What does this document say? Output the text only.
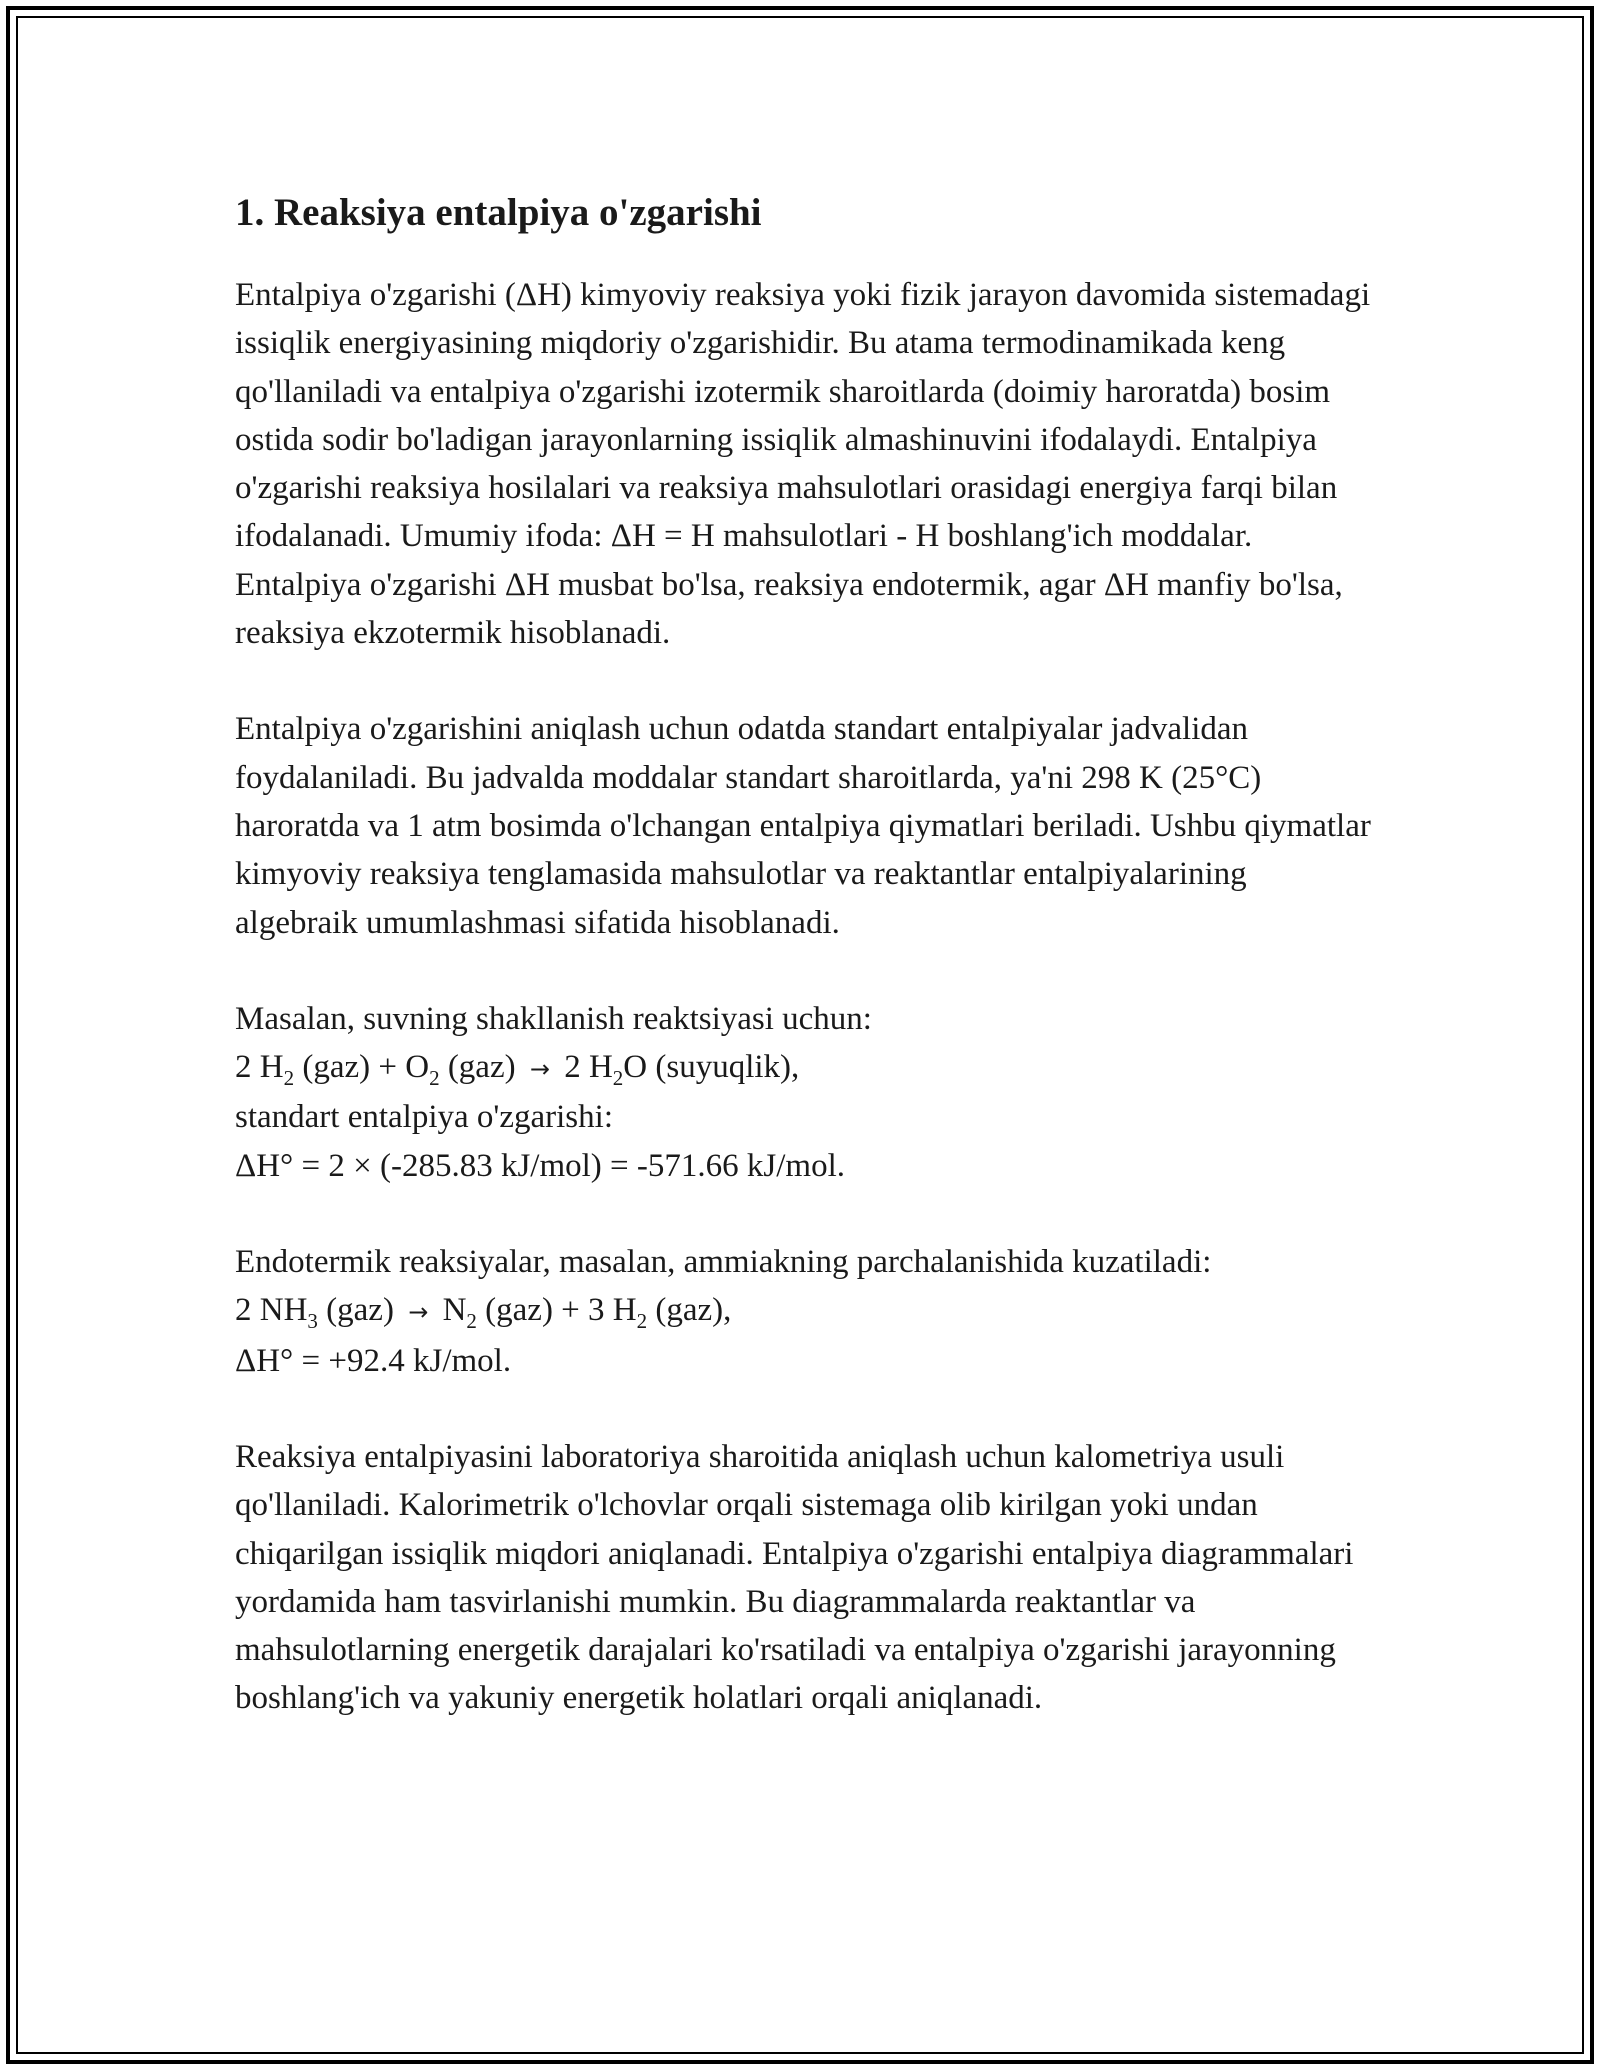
1. Reaksiya entalpiya o'zgarishi

Entalpiya o'zgarishi (ΔH) kimyoviy reaksiya yoki fizik jarayon davomida sistemadagi issiqlik energiyasining miqdoriy o'zgarishidir. Bu atama termodinamikada keng qo'llaniladi va entalpiya o'zgarishi izotermik sharoitlarda (doimiy haroratda) bosim ostida sodir bo'ladigan jarayonlarning issiqlik almashinuvini ifodalaydi. Entalpiya o'zgarishi reaksiya hosilalari va reaksiya mahsulotlari orasidagi energiya farqi bilan ifodalanadi. Umumiy ifoda: ΔH = H mahsulotlari - H boshlang'ich moddalar. Entalpiya o'zgarishi ΔH musbat bo'lsa, reaksiya endotermik, agar ΔH manfiy bo'lsa, reaksiya ekzotermik hisoblanadi.

Entalpiya o'zgarishini aniqlash uchun odatda standart entalpiyalar jadvalidan foydalaniladi. Bu jadvalda moddalar standart sharoitlarda, ya'ni 298 K (25°C) haroratda va 1 atm bosimda o'lchangan entalpiya qiymatlari beriladi. Ushbu qiymatlar kimyoviy reaksiya tenglamasida mahsulotlar va reaktantlar entalpiyalarining algebraik umumlashmasi sifatida hisoblanadi.

Masalan, suvning shakllanish reaktsiyasi uchun:
2 $H_2$ $(gaz) + O_2$ (gaz) → 2 $H_2O$ (suyuqlik),
standart entalpiya o'zgarishi:
ΔH° = 2 × (-285.83 kJ/mol) = -571.66 kJ/mol.

Endotermik reaksiyalar, masalan, ammiakning parchalanishida kuzatiladi:
2 $NH_3$ $(gaz) \to N_2$ (gaz) + 3 $H_2$ (gaz),
ΔH° = +92.4 kJ/mol.

Reaksiya entalpiyasini laboratoriya sharoitida aniqlash uchun kalometriya usuli qo'llaniladi. Kalorimetrik o'lchovlar orqali sistemaga olib kirilgan yoki undan chiqarilgan issiqlik miqdori aniqlanadi. Entalpiya o'zgarishi entalpiya diagrammalari yordamida ham tasvirlanishi mumkin. Bu diagrammalarda reaktantlar va mahsulotlarning energetik darajalari ko'rsatiladi va entalpiya o'zgarishi jarayonning boshlang'ich va yakuniy energetik holatlari orqali aniqlanadi.
